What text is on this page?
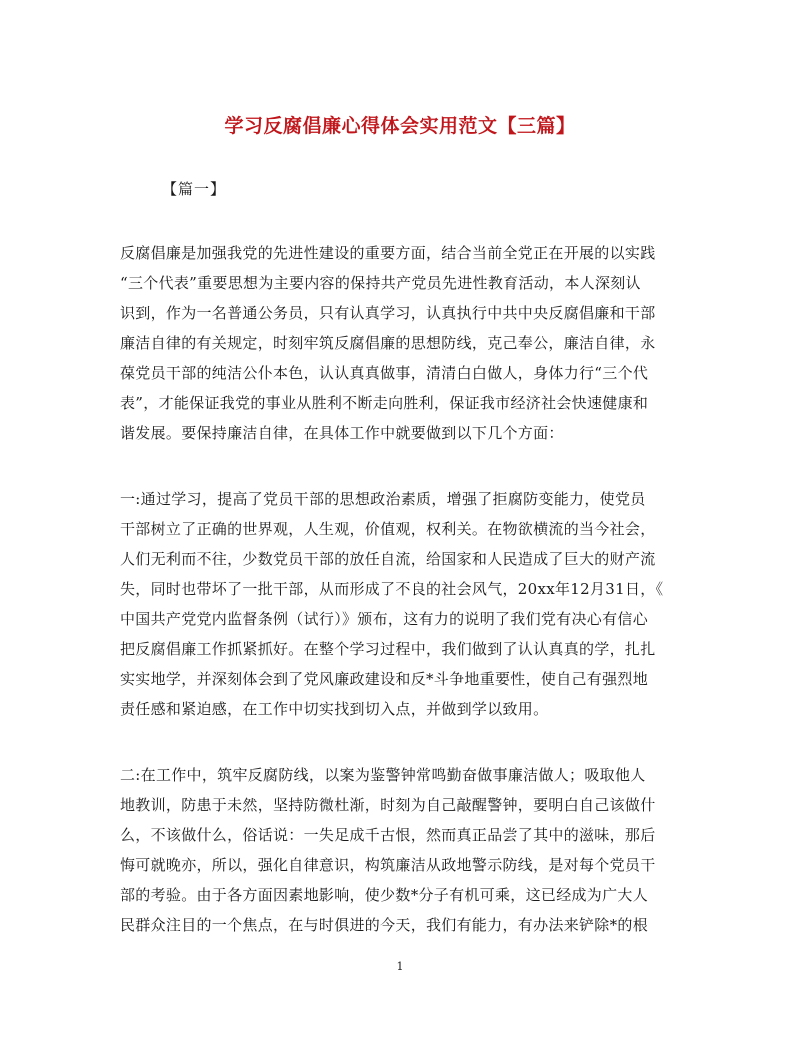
学习反腐倡廉心得体会实用范文【三篇】
【篇一】
反腐倡廉是加强我党的先进性建设的重要方面，结合当前全党正在开展的以实践
“三个代表”重要思想为主要内容的保持共产党员先进性教育活动，本人深刻认
识到，作为一名普通公务员，只有认真学习，认真执行中共中央反腐倡廉和干部
廉洁自律的有关规定，时刻牢筑反腐倡廉的思想防线，克己奉公，廉洁自律，永
葆党员干部的纯洁公仆本色，认认真真做事，清清白白做人，身体力行“三个代
表”，才能保证我党的事业从胜利不断走向胜利，保证我市经济社会快速健康和
谐发展。要保持廉洁自律，在具体工作中就要做到以下几个方面：
一:通过学习，提高了党员干部的思想政治素质，增强了拒腐防变能力，使党员
干部树立了正确的世界观，人生观，价值观，权利关。在物欲横流的当今社会，
人们无利而不往，少数党员干部的放任自流，给国家和人民造成了巨大的财产流
失，同时也带坏了一批干部，从而形成了不良的社会风气，20xx年12月31日，《
中国共产党党内监督条例（试行）》颁布，这有力的说明了我们党有决心有信心
把反腐倡廉工作抓紧抓好。在整个学习过程中，我们做到了认认真真的学，扎扎
实实地学，并深刻体会到了党风廉政建设和反*斗争地重要性，使自己有强烈地
责任感和紧迫感，在工作中切实找到切入点，并做到学以致用。
二:在工作中，筑牢反腐防线，以案为鉴警钟常鸣勤奋做事廉洁做人；吸取他人
地教训，防患于未然，坚持防微杜渐，时刻为自己敲醒警钟，要明白自己该做什
么，不该做什么，俗话说：一失足成千古恨，然而真正品尝了其中的滋味，那后
悔可就晚亦，所以，强化自律意识，构筑廉洁从政地警示防线，是对每个党员干
部的考验。由于各方面因素地影响，使少数*分子有机可乘，这已经成为广大人
民群众注目的一个焦点，在与时俱进的今天，我们有能力，有办法来铲除*的根
1
